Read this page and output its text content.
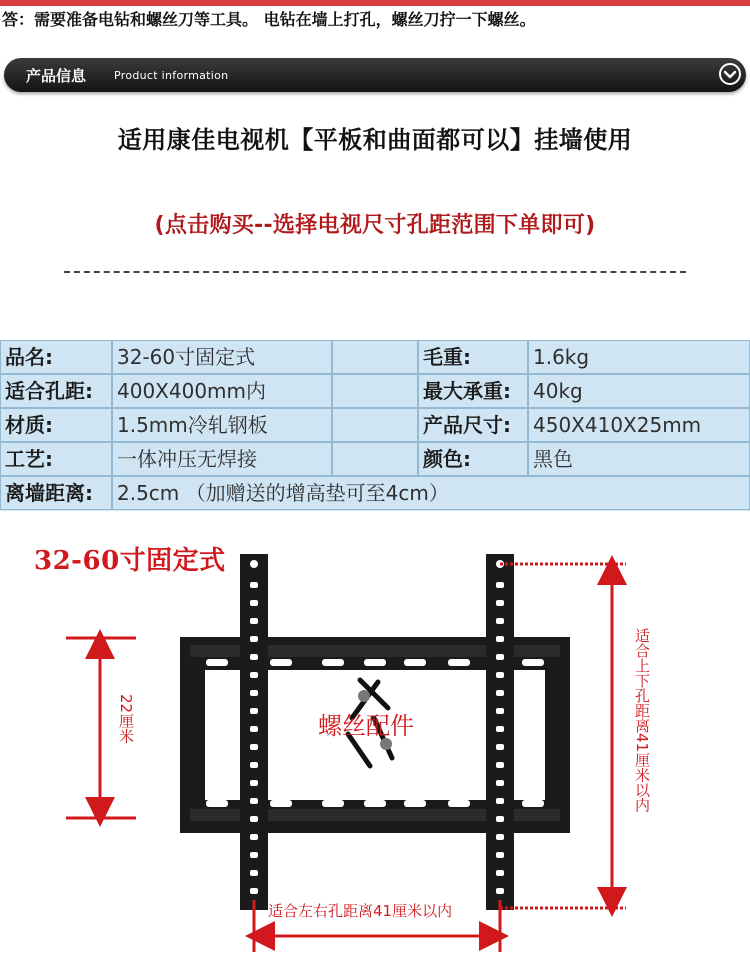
答：需要准备电钻和螺丝刀等工具。 电钻在墙上打孔，螺丝刀拧一下螺丝。
产品信息	Product information
适用康佳电视机【平板和曲面都可以】挂墙使用
(点击购买--选择电视尺寸孔距范围下单即可)
品名:	32-60寸固定式	毛重:	1.6kg
适合孔距:	400X400mm内	最大承重:	40kg
材质:	1.5mm冷轧钢板	产品尺寸:	450X410X25mm
工艺:	一体冲压无焊接	颜色:	黑色
离墙距离:	2.5cm （加赠送的增高垫可至4cm）
32-60寸固定式
22厘米	适合上下孔距离41厘米以内
适合左右孔距离41厘米以内
螺丝配件
